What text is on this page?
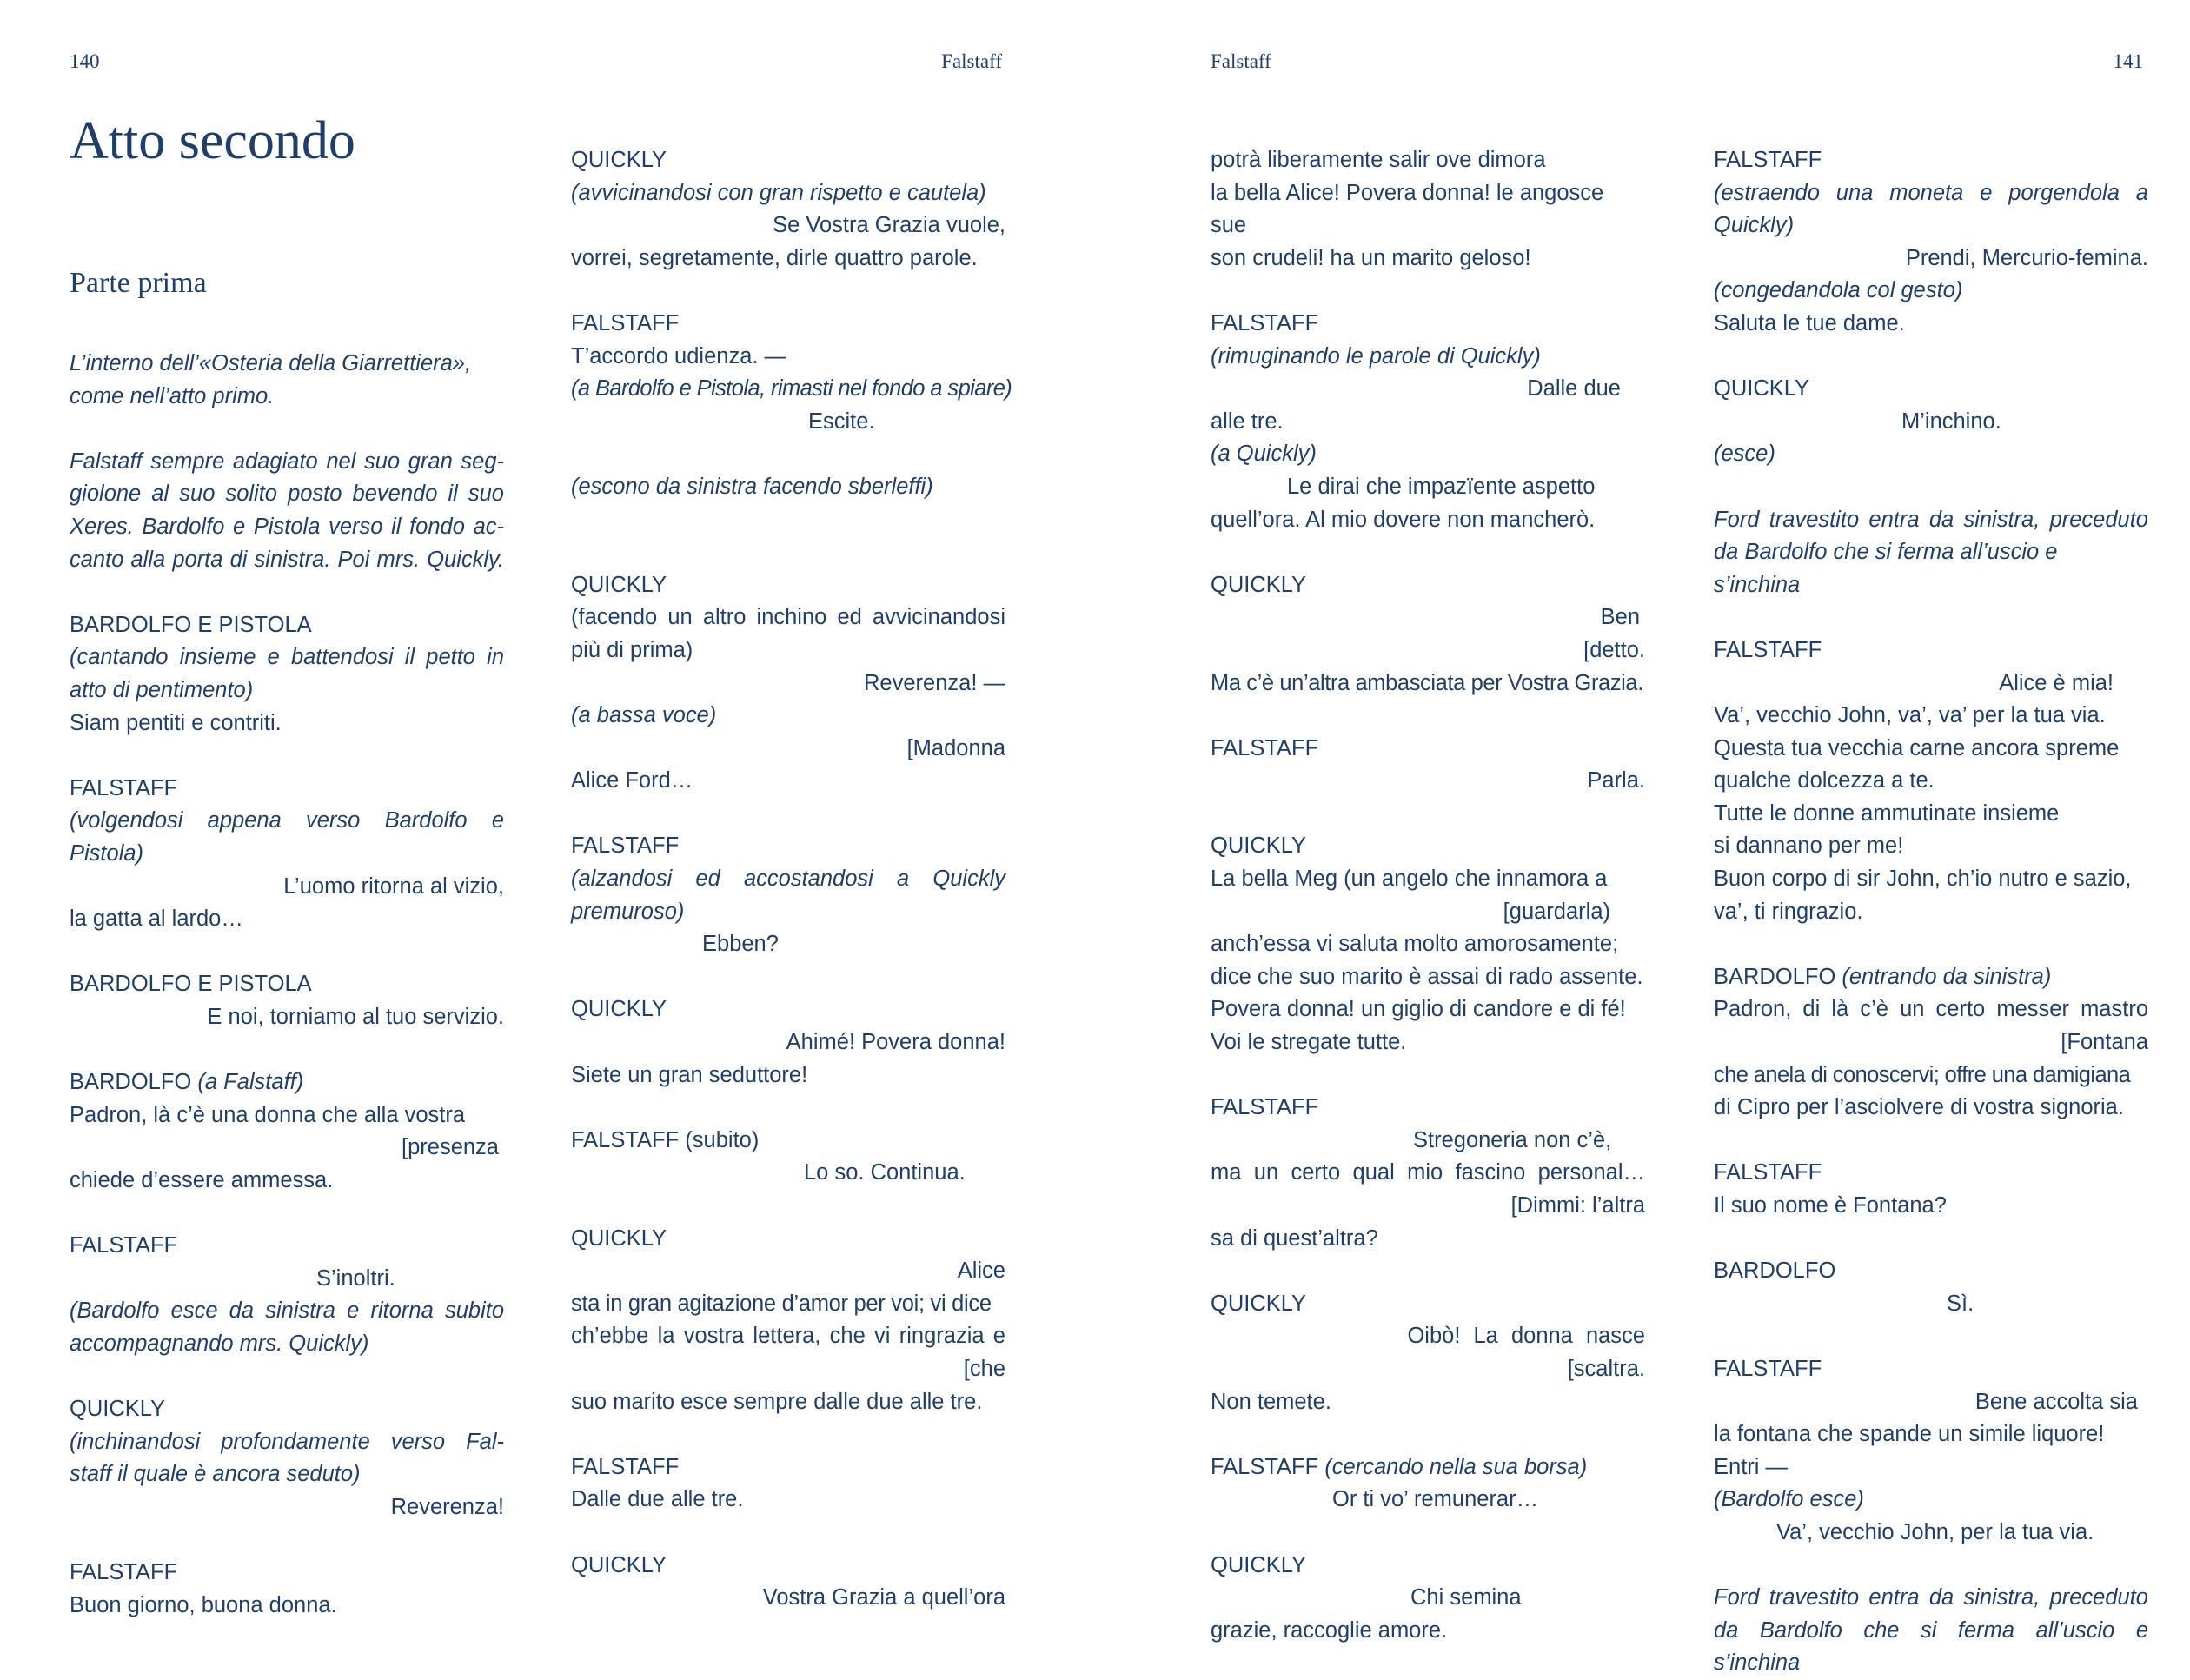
140	Falstaff
Atto secondo

Parte prima

L’interno dell’«Osteria della Giarrettiera»,

come nell’atto primo.

Falstaff sempre adagiato nel suo gran seg-

giolone al suo solito posto bevendo il suo

Xeres. Bardolfo e Pistola verso il fondo ac-

canto alla porta di sinistra. Poi mrs. Quickly.

BARDOLFO E PISTOLA

(cantando insieme e battendosi il petto in

atto di pentimento)

Siam pentiti e contriti.

FALSTAFF

(volgendosi appena verso Bardolfo e

Pistola)

L’uomo ritorna al vizio,

la gatta al lardo…

BARDOLFO E PISTOLA

E noi, torniamo al tuo servizio.

BARDOLFO (a Falstaff)

Padron, là c’è una donna che alla vostra

[presenza

chiede d’essere ammessa.

FALSTAFF

S’inoltri.

(Bardolfo esce da sinistra e ritorna subito

accompagnando mrs. Quickly)

QUICKLY

(inchinandosi profondamente verso Fal-

staff il quale è ancora seduto)

Reverenza!

FALSTAFF

Buon giorno, buona donna.

QUICKLY

(avvicinandosi con gran rispetto e cautela)

Se Vostra Grazia vuole,

vorrei, segretamente, dirle quattro parole.

FALSTAFF

T’accordo udienza. —

(a Bardolfo e Pistola, rimasti nel fondo a spiare)

Escite.

(escono da sinistra facendo sberleffi)

QUICKLY

(facendo un altro inchino ed avvicinandosi

più di prima)

Reverenza! —

(a bassa voce)

[Madonna

Alice Ford…

FALSTAFF

(alzandosi ed accostandosi a Quickly

premuroso)

Ebben?

QUICKLY

Ahimé! Povera donna!

Siete un gran seduttore!

FALSTAFF (subito)

Lo so. Continua.

QUICKLY

Alice

sta in gran agitazione d’amor per voi; vi dice

ch’ebbe la vostra lettera, che vi ringrazia e

[che

suo marito esce sempre dalle due alle tre.

FALSTAFF

Dalle due alle tre.

QUICKLY

Vostra Grazia a quell’ora

Falstaff	141

potrà liberamente salir ove dimora

la bella Alice! Povera donna! le angosce sue

son crudeli! ha un marito geloso!

FALSTAFF

(rimuginando le parole di Quickly)

Dalle due

alle tre.

(a Quickly)

Le dirai che impazïente aspetto

quell’ora. Al mio dovere non mancherò.

QUICKLY

Ben

[detto.

Ma c’è un’altra ambasciata per Vostra Grazia.

FALSTAFF

Parla.

QUICKLY

La bella Meg (un angelo che innamora a

[guardarla)

anch’essa vi saluta molto amorosamente;

dice che suo marito è assai di rado assente.

Povera donna! un giglio di candore e di fé!

Voi le stregate tutte.

FALSTAFF

Stregoneria non c’è,

ma un certo qual mio fascino personal…

[Dimmi: l’altra

sa di quest’altra?

QUICKLY

Oibò! La donna nasce

[scaltra.

Non temete.

FALSTAFF (cercando nella sua borsa)

Or ti vo’ remunerar…

QUICKLY

Chi semina

grazie, raccoglie amore.

FALSTAFF

(estraendo una moneta e porgendola a

Quickly)

Prendi, Mercurio-femina.

(congedandola col gesto)

Saluta le tue dame.

QUICKLY

M’inchino.

(esce)

Ford travestito entra da sinistra, preceduto

da Bardolfo che si ferma all’uscio e s’inchina

FALSTAFF

Alice è mia!

Va’, vecchio John, va’, va’ per la tua via.

Questa tua vecchia carne ancora spreme

qualche dolcezza a te.

Tutte le donne ammutinate insieme

si dannano per me!

Buon corpo di sir John, ch’io nutro e sazio,

va’, ti ringrazio.

BARDOLFO (entrando da sinistra)

Padron, di là c’è un certo messer mastro

[Fontana

che anela di conoscervi; offre una damigiana

di Cipro per l’asciolvere di vostra signoria.

FALSTAFF

Il suo nome è Fontana?

BARDOLFO

Sì.

FALSTAFF

Bene accolta sia

la fontana che spande un simile liquore!

Entri —

(Bardolfo esce)

Va’, vecchio John, per la tua via.

Ford travestito entra da sinistra, preceduto

da Bardolfo che si ferma all’uscio e s’inchina
